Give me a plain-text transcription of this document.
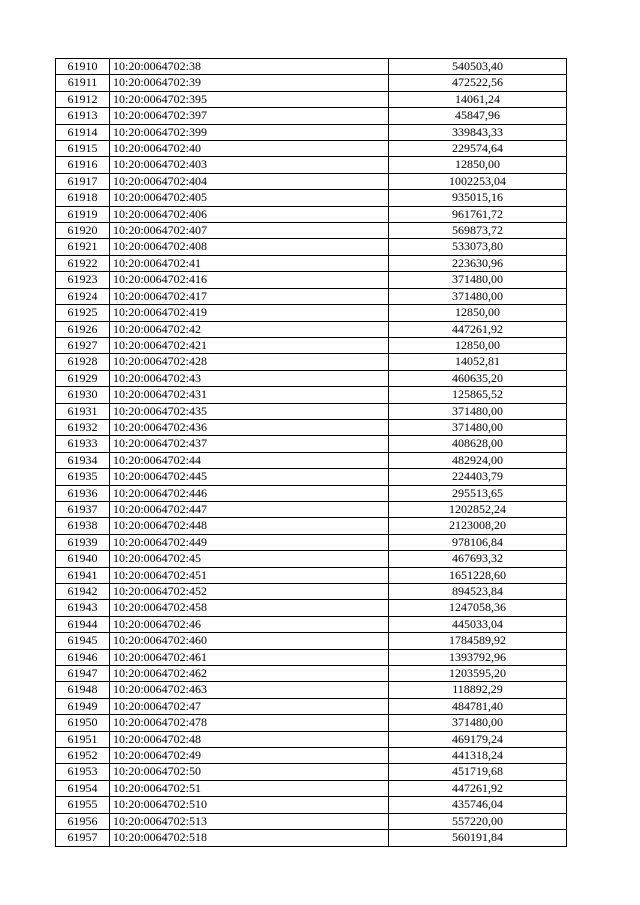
61910	10:20:0064702:38	540503,40
61911	10:20:0064702:39	472522,56
61912	10:20:0064702:395	14061,24
61913	10:20:0064702:397	45847,96
61914	10:20:0064702:399	339843,33
61915	10:20:0064702:40	229574,64
61916	10:20:0064702:403	12850,00
61917	10:20:0064702:404	1002253,04
61918	10:20:0064702:405	935015,16
61919	10:20:0064702:406	961761,72
61920	10:20:0064702:407	569873,72
61921	10:20:0064702:408	533073,80
61922	10:20:0064702:41	223630,96
61923	10:20:0064702:416	371480,00
61924	10:20:0064702:417	371480,00
61925	10:20:0064702:419	12850,00
61926	10:20:0064702:42	447261,92
61927	10:20:0064702:421	12850,00
61928	10:20:0064702:428	14052,81
61929	10:20:0064702:43	460635,20
61930	10:20:0064702:431	125865,52
61931	10:20:0064702:435	371480,00
61932	10:20:0064702:436	371480,00
61933	10:20:0064702:437	408628,00
61934	10:20:0064702:44	482924,00
61935	10:20:0064702:445	224403,79
61936	10:20:0064702:446	295513,65
61937	10:20:0064702:447	1202852,24
61938	10:20:0064702:448	2123008,20
61939	10:20:0064702:449	978106,84
61940	10:20:0064702:45	467693,32
61941	10:20:0064702:451	1651228,60
61942	10:20:0064702:452	894523,84
61943	10:20:0064702:458	1247058,36
61944	10:20:0064702:46	445033,04
61945	10:20:0064702:460	1784589,92
61946	10:20:0064702:461	1393792,96
61947	10:20:0064702:462	1203595,20
61948	10:20:0064702:463	118892,29
61949	10:20:0064702:47	484781,40
61950	10:20:0064702:478	371480,00
61951	10:20:0064702:48	469179,24
61952	10:20:0064702:49	441318,24
61953	10:20:0064702:50	451719,68
61954	10:20:0064702:51	447261,92
61955	10:20:0064702:510	435746,04
61956	10:20:0064702:513	557220,00
61957	10:20:0064702:518	560191,84
